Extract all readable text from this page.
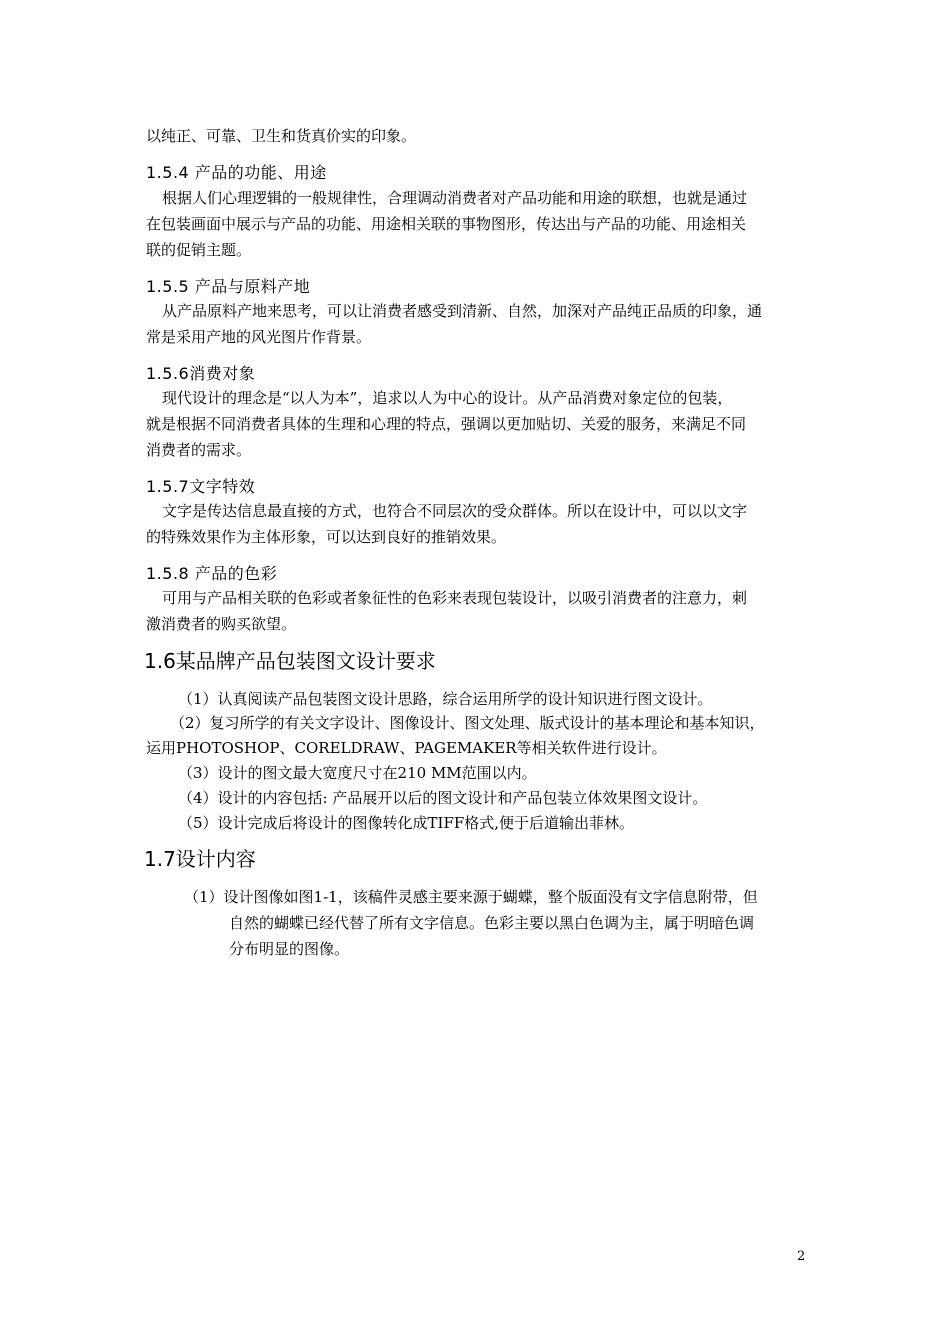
以纯正、可靠、卫生和货真价实的印象。
1.5.4 产品的功能、用途
根据人们心理逻辑的一般规律性，合理调动消费者对产品功能和用途的联想，也就是通过
在包装画面中展示与产品的功能、用途相关联的事物图形，传达出与产品的功能、用途相关
联的促销主题。
1.5.5 产品与原料产地
从产品原料产地来思考，可以让消费者感受到清新、自然，加深对产品纯正品质的印象，通
常是采用产地的风光图片作背景。
1.5.6消费对象
现代设计的理念是“以人为本”，追求以人为中心的设计。从产品消费对象定位的包装，
就是根据不同消费者具体的生理和心理的特点，强调以更加贴切、关爱的服务，来满足不同
消费者的需求。
1.5.7文字特效
文字是传达信息最直接的方式，也符合不同层次的受众群体。所以在设计中，可以以文字
的特殊效果作为主体形象，可以达到良好的推销效果。
1.5.8 产品的色彩
可用与产品相关联的色彩或者象征性的色彩来表现包装设计，以吸引消费者的注意力，刺
激消费者的购买欲望。
1.6某品牌产品包装图文设计要求
（1）认真阅读产品包装图文设计思路，综合运用所学的设计知识进行图文设计。
（2）复习所学的有关文字设计、图像设计、图文处理、版式设计的基本理论和基本知识，
运用PHOTOSHOP、CORELDRAW、PAGEMAKER等相关软件进行设计。
（3）设计的图文最大宽度尺寸在210 MM范围以内。
（4）设计的内容包括: 产品展开以后的图文设计和产品包装立体效果图文设计。
（5）设计完成后将设计的图像转化成TIFF格式,便于后道输出菲林。
1.7设计内容
（1）设计图像如图1-1，该稿件灵感主要来源于蝴蝶，整个版面没有文字信息附带，但
自然的蝴蝶已经代替了所有文字信息。色彩主要以黑白色调为主，属于明暗色调
分布明显的图像。
2
